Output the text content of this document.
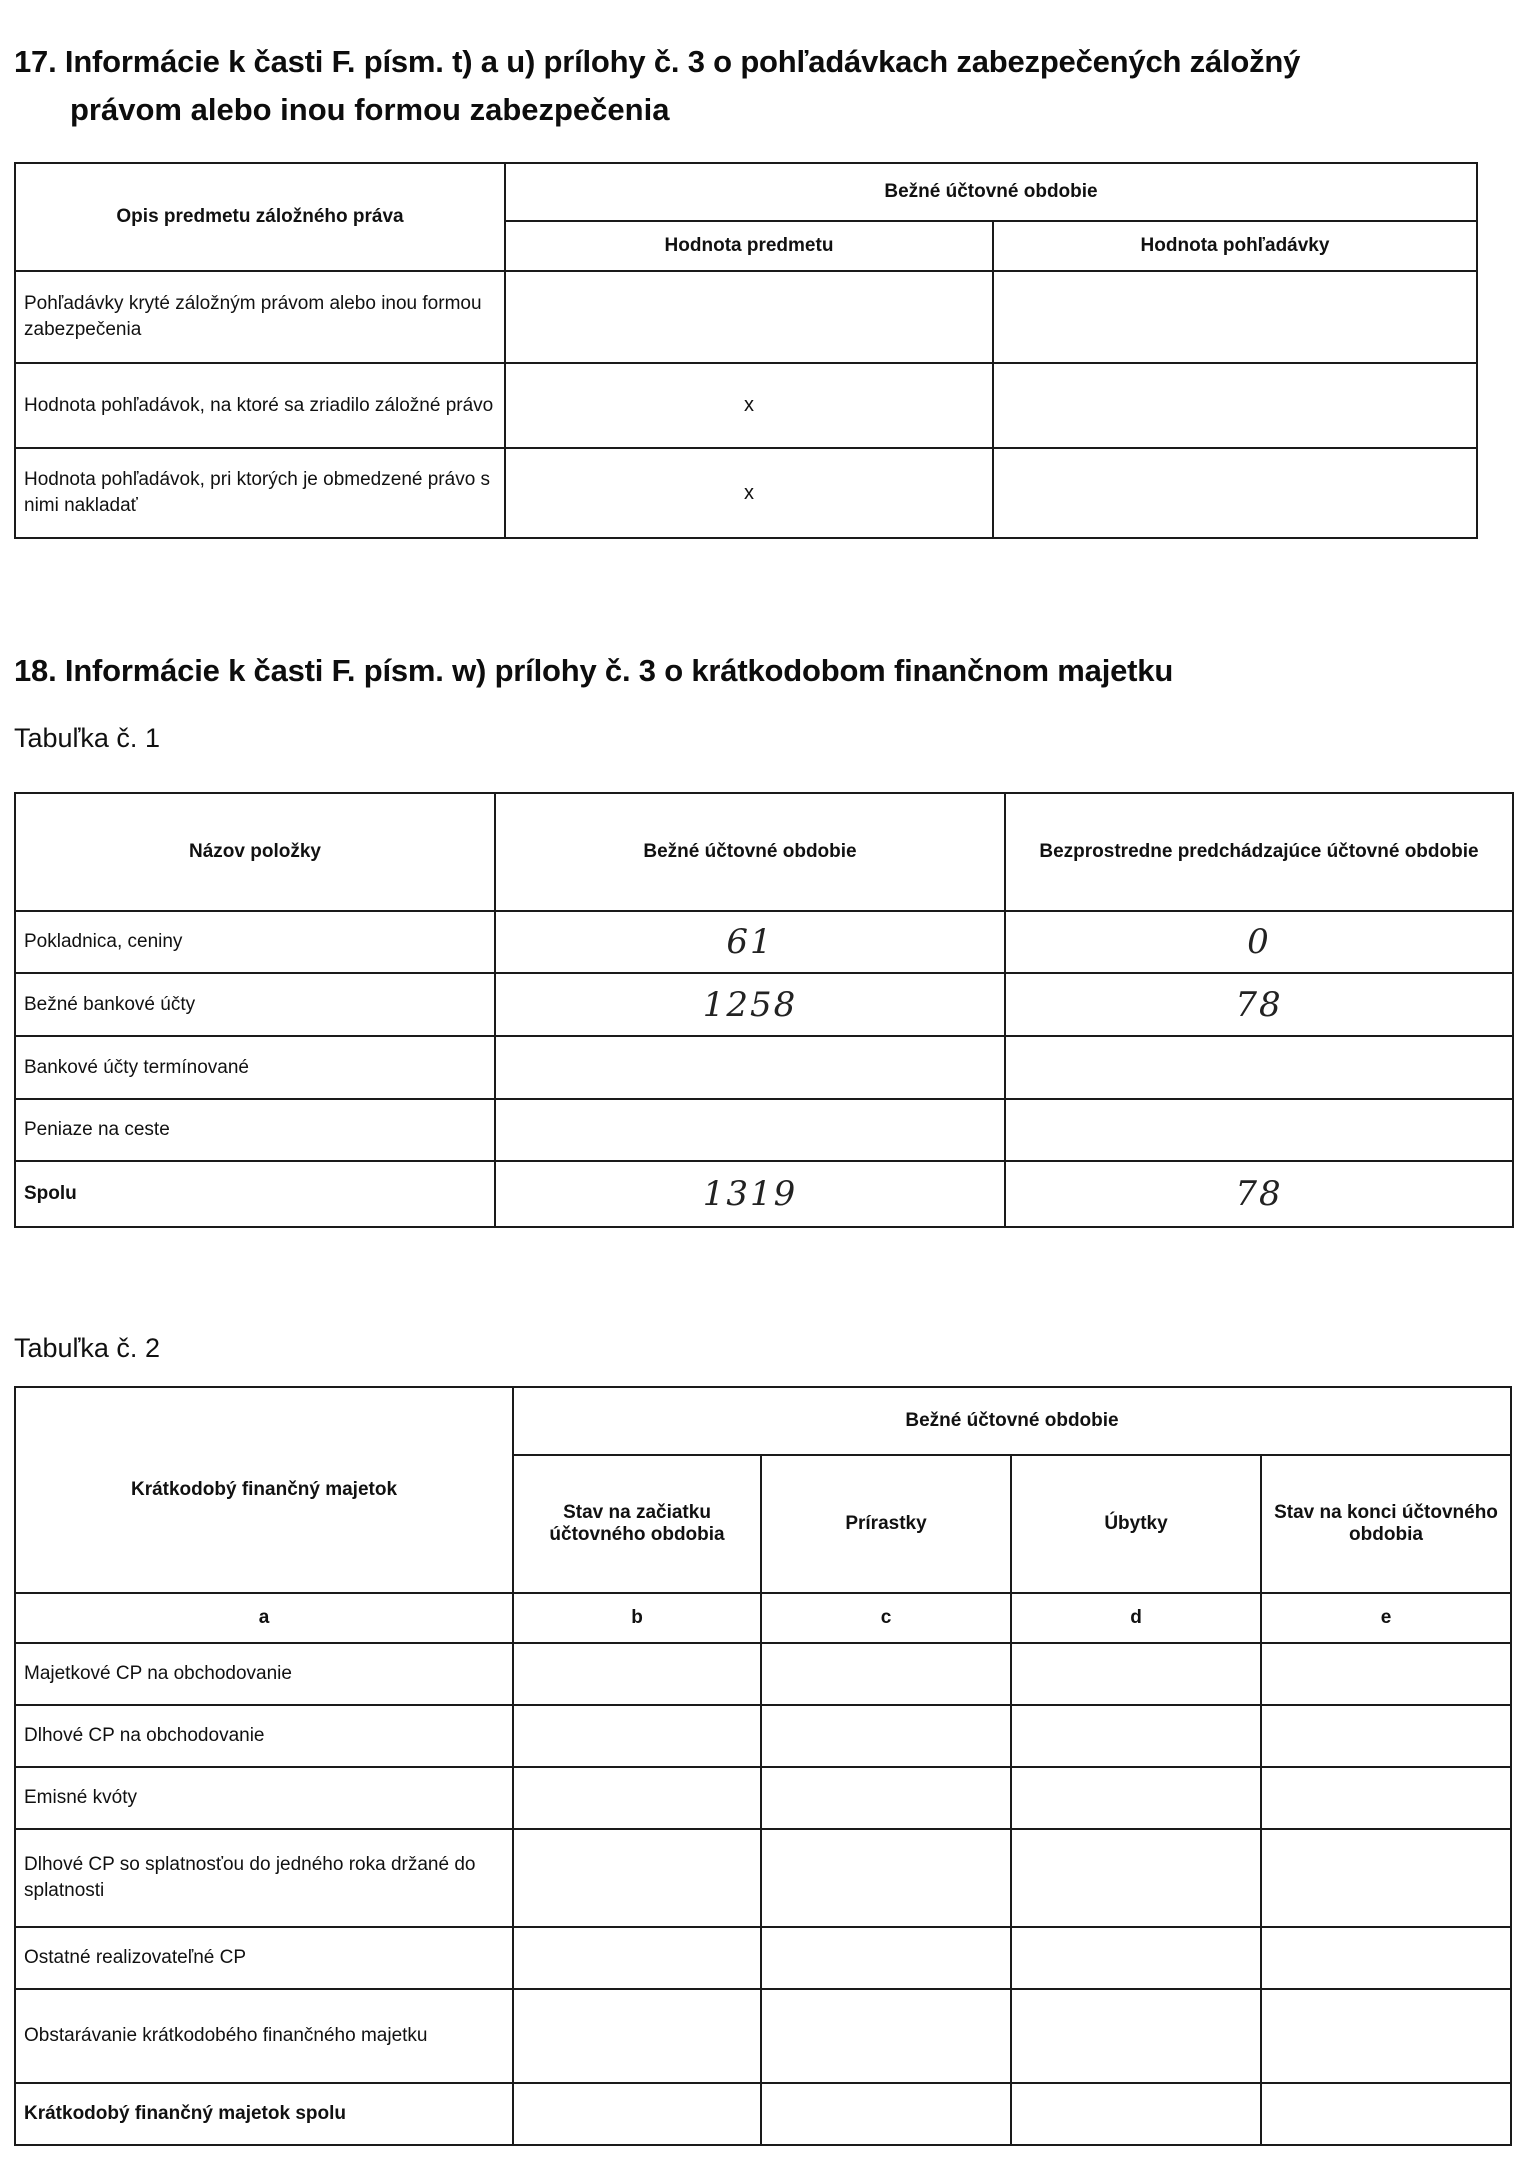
17. Informácie k časti F. písm. t) a u) prílohy č. 3 o pohľadávkach zabezpečených záložný
právom alebo inou formou zabezpečenia
Opis predmetu záložného práva	Bežné účtovné obdobie	
	Hodnota predmetu	Hodnota pohľadávky
Pohľadávky kryté záložným právom alebo inou formou zabezpečenia		
Hodnota pohľadávok, na ktoré sa zriadilo záložné právo	x	
Hodnota pohľadávok, pri ktorých je obmedzené právo s nimi nakladať	x	
18. Informácie k časti F. písm. w) prílohy č. 3 o krátkodobom finančnom majetku
Tabuľka č. 1
Názov položky	Bežné účtovné obdobie	Bezprostredne predchádzajúce účtovné obdobie
Pokladnica, ceniny	61	0
Bežné bankové účty	1258	78
Bankové účty termínované		
Peniaze na ceste		
Spolu	1319	78
Tabuľka č. 2
Krátkodobý finančný majetok	Bežné účtovné obdobie			
	Stav na začiatku účtovného obdobia	Prírastky	Úbytky	Stav na konci účtovného obdobia
a	b	c	d	e
Majetkové CP na obchodovanie				
Dlhové CP na obchodovanie				
Emisné kvóty				
Dlhové CP so splatnosťou do jedného roka držané do splatnosti				
Ostatné realizovateľné CP				
Obstarávanie krátkodobého finančného majetku				
Krátkodobý finančný majetok spolu				
